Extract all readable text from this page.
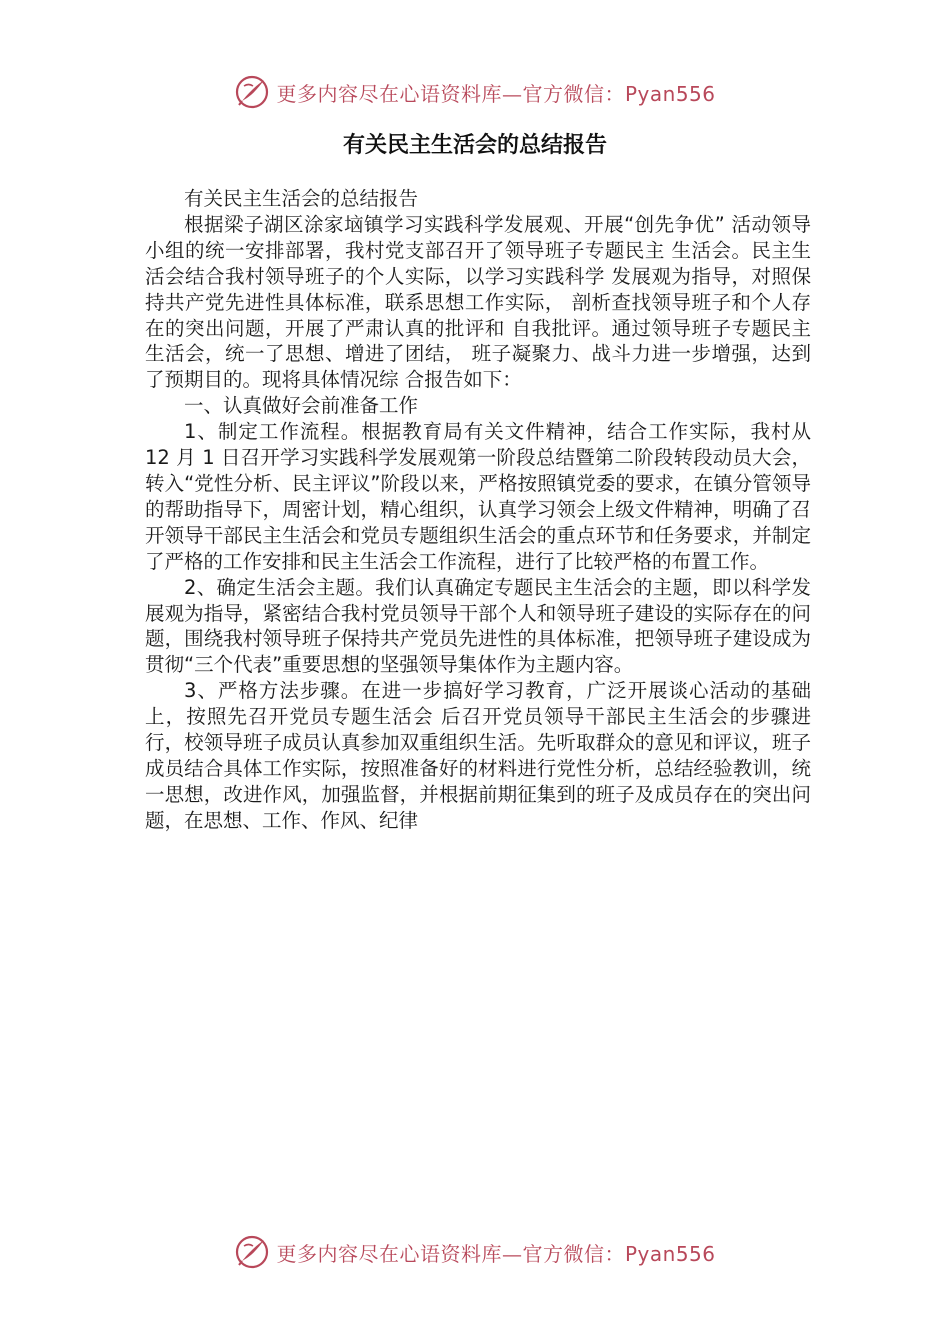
更多内容尽在心语资料库—官方微信：Pyan556
有关民主生活会的总结报告

有关民主生活会的总结报告

根据梁子湖区涂家垴镇学习实践科学发展观、开展“创先争优” 活动领导小组的统一安排部署，我村党支部召开了领导班子专题民主 生活会。民主生活会结合我村领导班子的个人实际，以学习实践科学 发展观为指导，对照保持共产党先进性具体标准，联系思想工作实际， 剖析查找领导班子和个人存在的突出问题，开展了严肃认真的批评和 自我批评。通过领导班子专题民主生活会，统一了思想、增进了团结， 班子凝聚力、战斗力进一步增强，达到了预期目的。现将具体情况综 合报告如下：

一、认真做好会前准备工作

1、制定工作流程。根据教育局有关文件精神，结合工作实际，我村从 12 月 1 日召开学习实践科学发展观第一阶段总结暨第二阶段转段动员大会，转入“党性分析、民主评议”阶段以来，严格按照镇党委的要求，在镇分管领导的帮助指导下，周密计划，精心组织，认真学习领会上级文件精神，明确了召开领导干部民主生活会和党员专题组织生活会的重点环节和任务要求，并制定了严格的工作安排和民主生活会工作流程，进行了比较严格的布置工作。

2、确定生活会主题。我们认真确定专题民主生活会的主题，即以科学发展观为指导，紧密结合我村党员领导干部个人和领导班子建设的实际存在的问题，围绕我村领导班子保持共产党员先进性的具体标准，把领导班子建设成为贯彻“三个代表”重要思想的坚强领导集体作为主题内容。

3、严格方法步骤。在进一步搞好学习教育，广泛开展谈心活动的基础上，按照先召开党员专题生活会 后召开党员领导干部民主生活会的步骤进行，校领导班子成员认真参加双重组织生活。先听取群众的意见和评议，班子成员结合具体工作实际，按照准备好的材料进行党性分析，总结经验教训，统一思想，改进作风，加强监督，并根据前期征集到的班子及成员存在的突出问题，在思想、工作、作风、纪律

更多内容尽在心语资料库—官方微信：Pyan556
